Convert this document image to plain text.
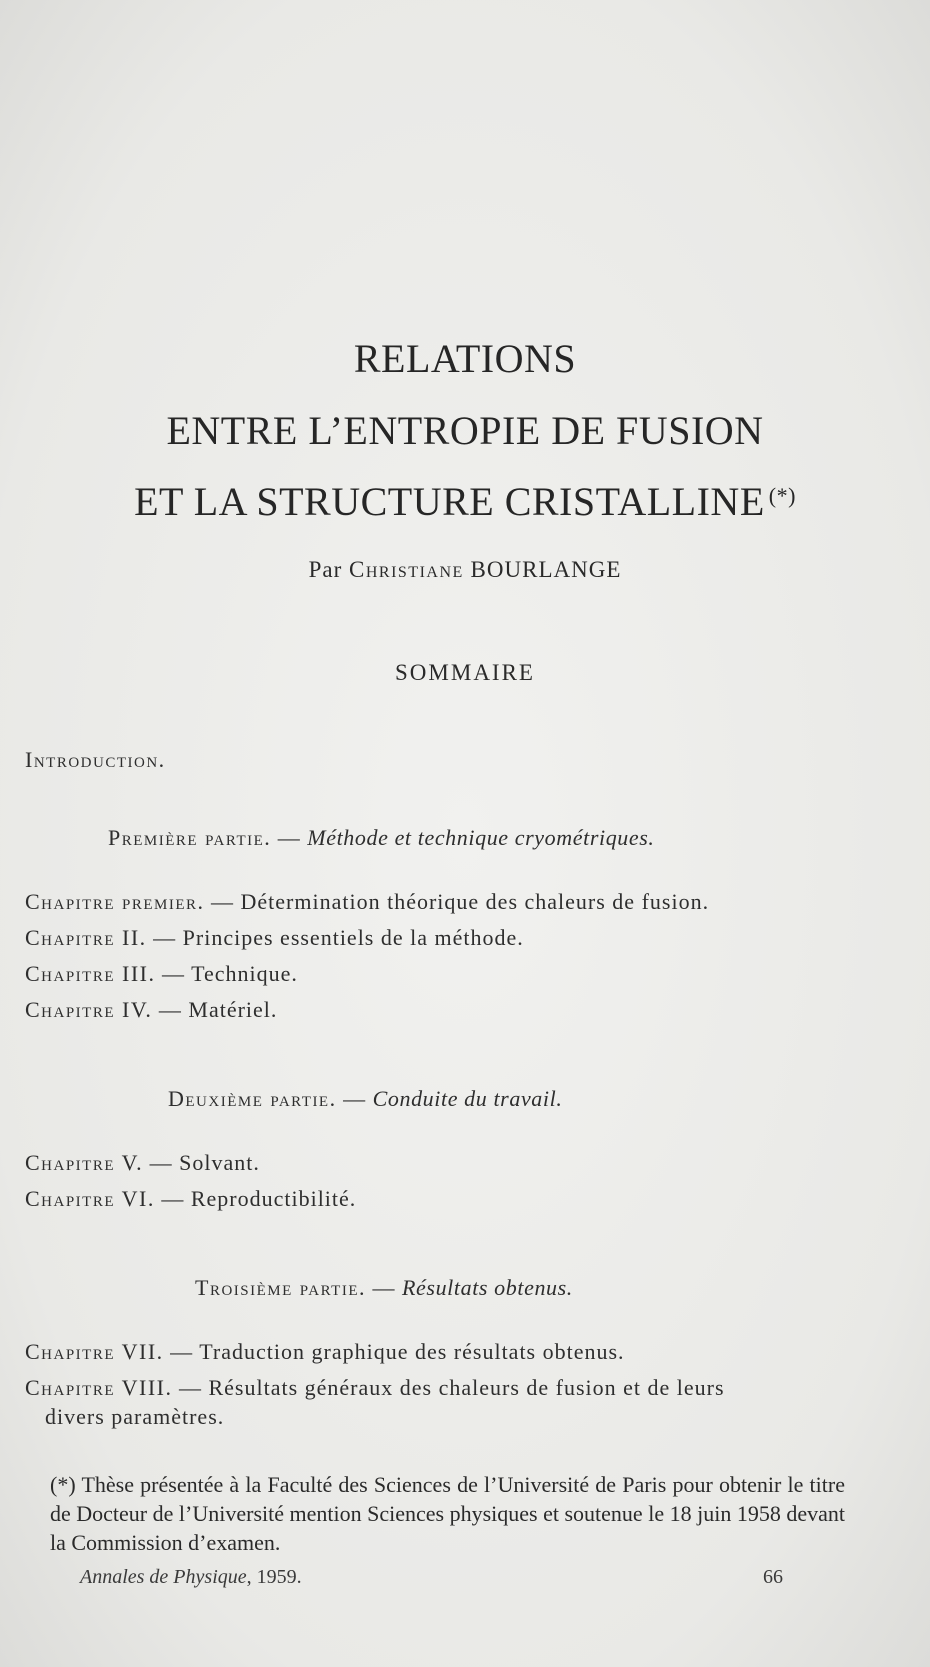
RELATIONS
ENTRE L’ENTROPIE DE FUSION
ET LA STRUCTURE CRISTALLINE (*)
Par Christiane BOURLANGE
SOMMAIRE
Introduction.
Première partie. — Méthode et technique cryométriques.
Chapitre premier. — Détermination théorique des chaleurs de fusion.
Chapitre II. — Principes essentiels de la méthode.
Chapitre III. — Technique.
Chapitre IV. — Matériel.
Deuxième partie. — Conduite du travail.
Chapitre V. — Solvant.
Chapitre VI. — Reproductibilité.
Troisième partie. — Résultats obtenus.
Chapitre VII. — Traduction graphique des résultats obtenus.
Chapitre VIII. — Résultats généraux des chaleurs de fusion et de leurs
divers paramètres.
(*) Thèse présentée à la Faculté des Sciences de l’Université de Paris pour obtenir le titre de Docteur de l’Université mention Sciences physiques et soutenue le 18 juin 1958 devant la Commission d’examen.
Annales de Physique, 1959.	66
